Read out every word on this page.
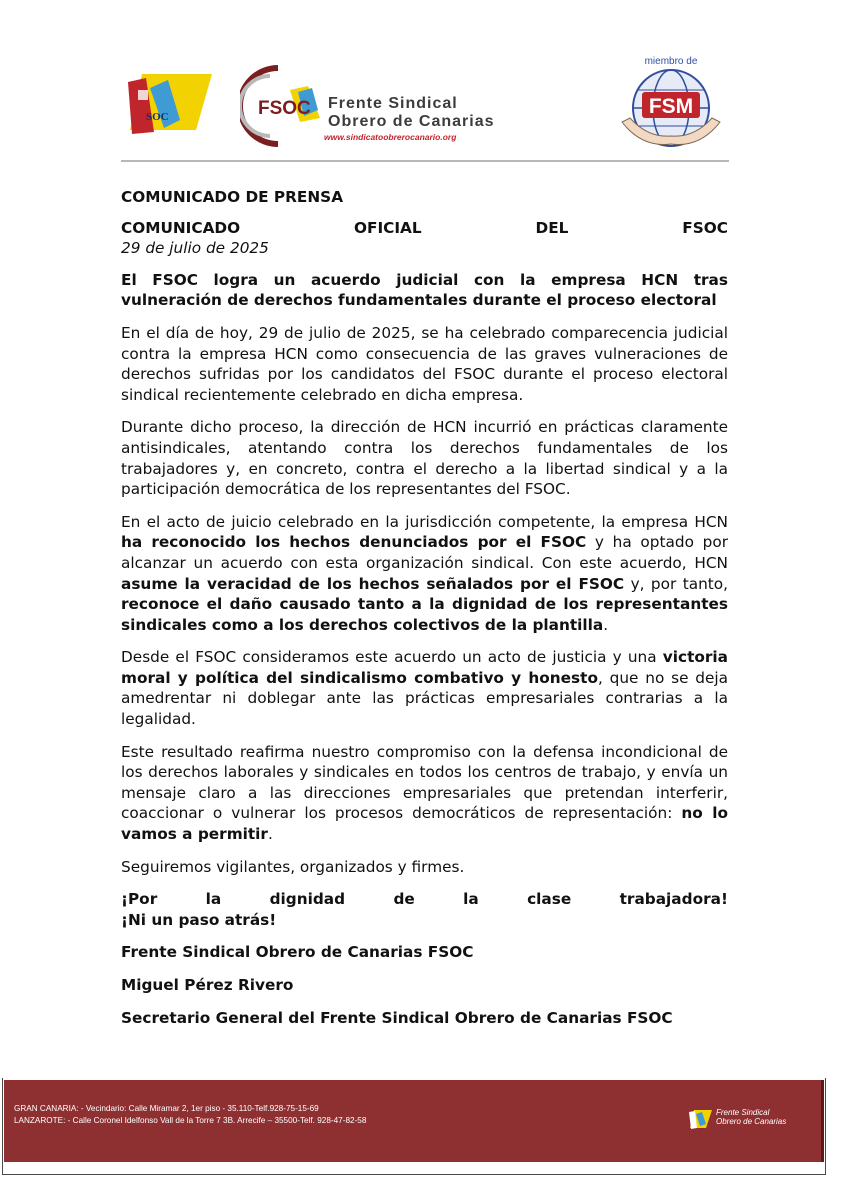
SOC	FSOC Frente Sindical
Obrero de Canarias
www.sindicatoobrerocanario.org
miembro de
FSM

COMUNICADO DE PRENSA

COMUNICADO	OFICIAL	DEL	FSOC

29 de julio de 2025

El FSOC logra un acuerdo judicial con la empresa HCN tras vulneración de derechos fundamentales durante el proceso electoral

En el día de hoy, 29 de julio de 2025, se ha celebrado comparecencia judicial contra la empresa HCN como consecuencia de las graves vulneraciones de derechos sufridas por los candidatos del FSOC durante el proceso electoral sindical recientemente celebrado en dicha empresa.

Durante dicho proceso, la dirección de HCN incurrió en prácticas claramente antisindicales, atentando contra los derechos fundamentales de los trabajadores y, en concreto, contra el derecho a la libertad sindical y a la participación democrática de los representantes del FSOC.

En el acto de juicio celebrado en la jurisdicción competente, la empresa HCN ha reconocido los hechos denunciados por el FSOC y ha optado por alcanzar un acuerdo con esta organización sindical. Con este acuerdo, HCN asume la veracidad de los hechos señalados por el FSOC y, por tanto, reconoce el daño causado tanto a la dignidad de los representantes sindicales como a los derechos colectivos de la plantilla.

Desde el FSOC consideramos este acuerdo un acto de justicia y una victoria moral y política del sindicalismo combativo y honesto, que no se deja amedrentar ni doblegar ante las prácticas empresariales contrarias a la legalidad.

Este resultado reafirma nuestro compromiso con la defensa incondicional de los derechos laborales y sindicales en todos los centros de trabajo, y envía un mensaje claro a las direcciones empresariales que pretendan interferir, coaccionar o vulnerar los procesos democráticos de representación: no lo vamos a permitir.

Seguiremos vigilantes, organizados y firmes.

¡Por	la	dignidad	de	la	clase	trabajadora!

¡Ni un paso atrás!

Frente Sindical Obrero de Canarias FSOC

Miguel Pérez Rivero

Secretario General del Frente Sindical Obrero de Canarias FSOC

GRAN CANARIA: - Vecindario: Calle Miramar 2, 1er piso - 35.110-Telf.928-75-15-69
LANZAROTE: - Calle Coronel Idelfonso Vall de la Torre 7 3B. Arrecife – 35500-Telf. 928-47-82-58
Frente Sindical
Obrero de Canarias
